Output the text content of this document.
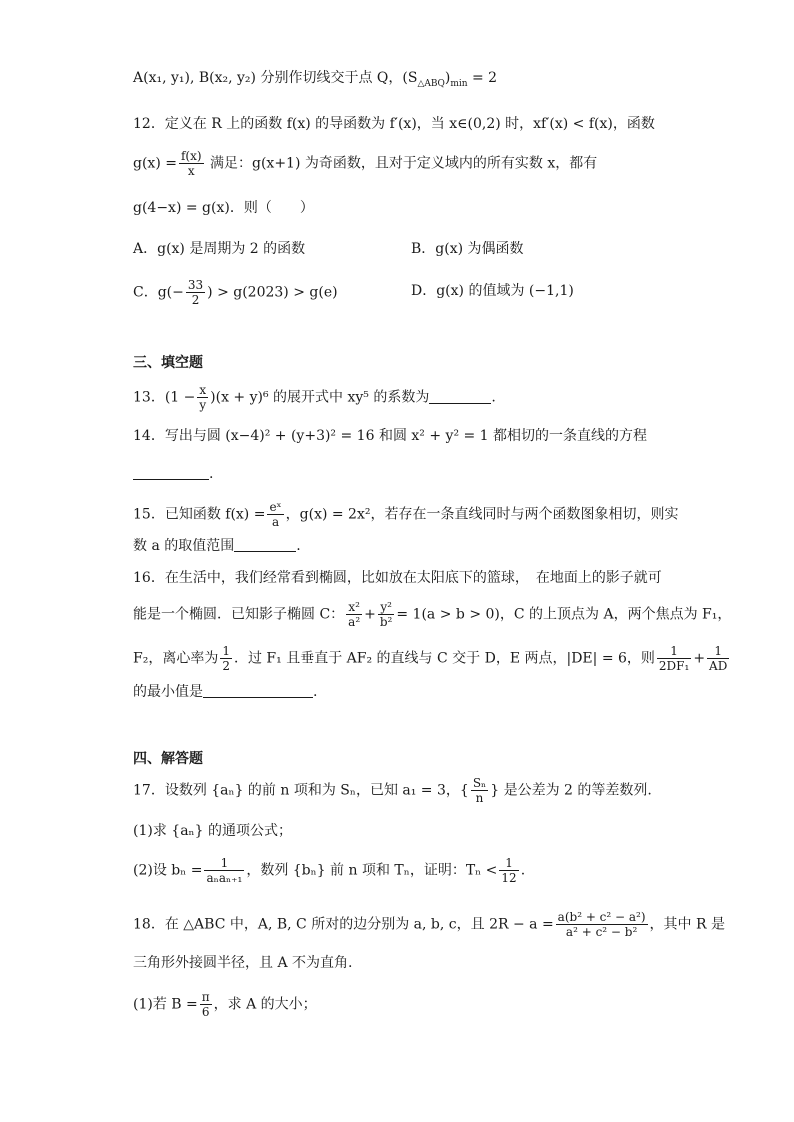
A(x₁, y₁), B(x₂, y₂) 分别作切线交于点 Q，$(S_{\triangle ABQ})_{min} = 2$
12．定义在 R 上的函数 f(x) 的导函数为 f′(x)，当 x∈(0,2) 时，xf′(x) < f(x)，函数
$g(x) = \frac{f(x)}{x}$ 满足：g(x+1) 为奇函数，且对于定义域内的所有实数 x，都有
g(4−x) = g(x)．则（　　）
A．g(x) 是周期为 2 的函数	B．g(x) 为偶函数
C．$g(- \frac{33}{2}$ ) > g(2023) > g(e)	D．g(x) 的值域为 (−1,1)
三、填空题
13．$(1 - \frac{x}{y} )(x + y)^6$ 的展开式中 xy⁵ 的系数为	.
14．写出与圆 (x−4)² + (y+3)² = 16 和圆 x² + y² = 1 都相切的一条直线的方程
.
15．已知函数 $f(x) = \frac{\text{eˣ}}{a}$ ，g(x) = 2x²，若存在一条直线同时与两个函数图象相切，则实
数 a 的取值范围	.
16．在生活中，我们经常看到椭圆，比如放在太阳底下的篮球，　在地面上的影子就可
能是一个椭圆．已知影子椭圆 C： $\frac{\text{x²}}{\text{a²}} + \frac{\text{y²}}{\text{b²}} = 1(a > b > 0)$，C 的上顶点为 A，两个焦点为 F₁，
F₂，离心率为 $\frac{1}{2}$ ．过 F₁ 且垂直于 AF₂ 的直线与 C 交于 D，E 两点，|DE| = 6，则 $\frac{1}{\text{2DF₁}} + \frac{1}{AD}$
的最小值是	.
四、解答题
17．设数列 {aₙ} 的前 n 项和为 Sₙ，已知 a₁ = 3，{ $\frac{\text{Sₙ}}{n}$ } 是公差为 2 的等差数列.
(1)求 {aₙ} 的通项公式；
(2)设 $b_n = \frac{1}{\text{aₙaₙ₊₁}}$ ，数列 {bₙ} 前 n 项和 Tₙ，证明：$T_n < \frac{1}{12}$ .
18．在 △ABC 中，A, B, C 所对的边分别为 a, b, c，且 $2R - a = \frac{\text{a(b² + c² − a²)}}{\text{a² + c² − b²}}$ ，其中 R 是
三角形外接圆半径，且 A 不为直角.
(1)若 $B = \frac{\pi}{6}$ ，求 A 的大小；
